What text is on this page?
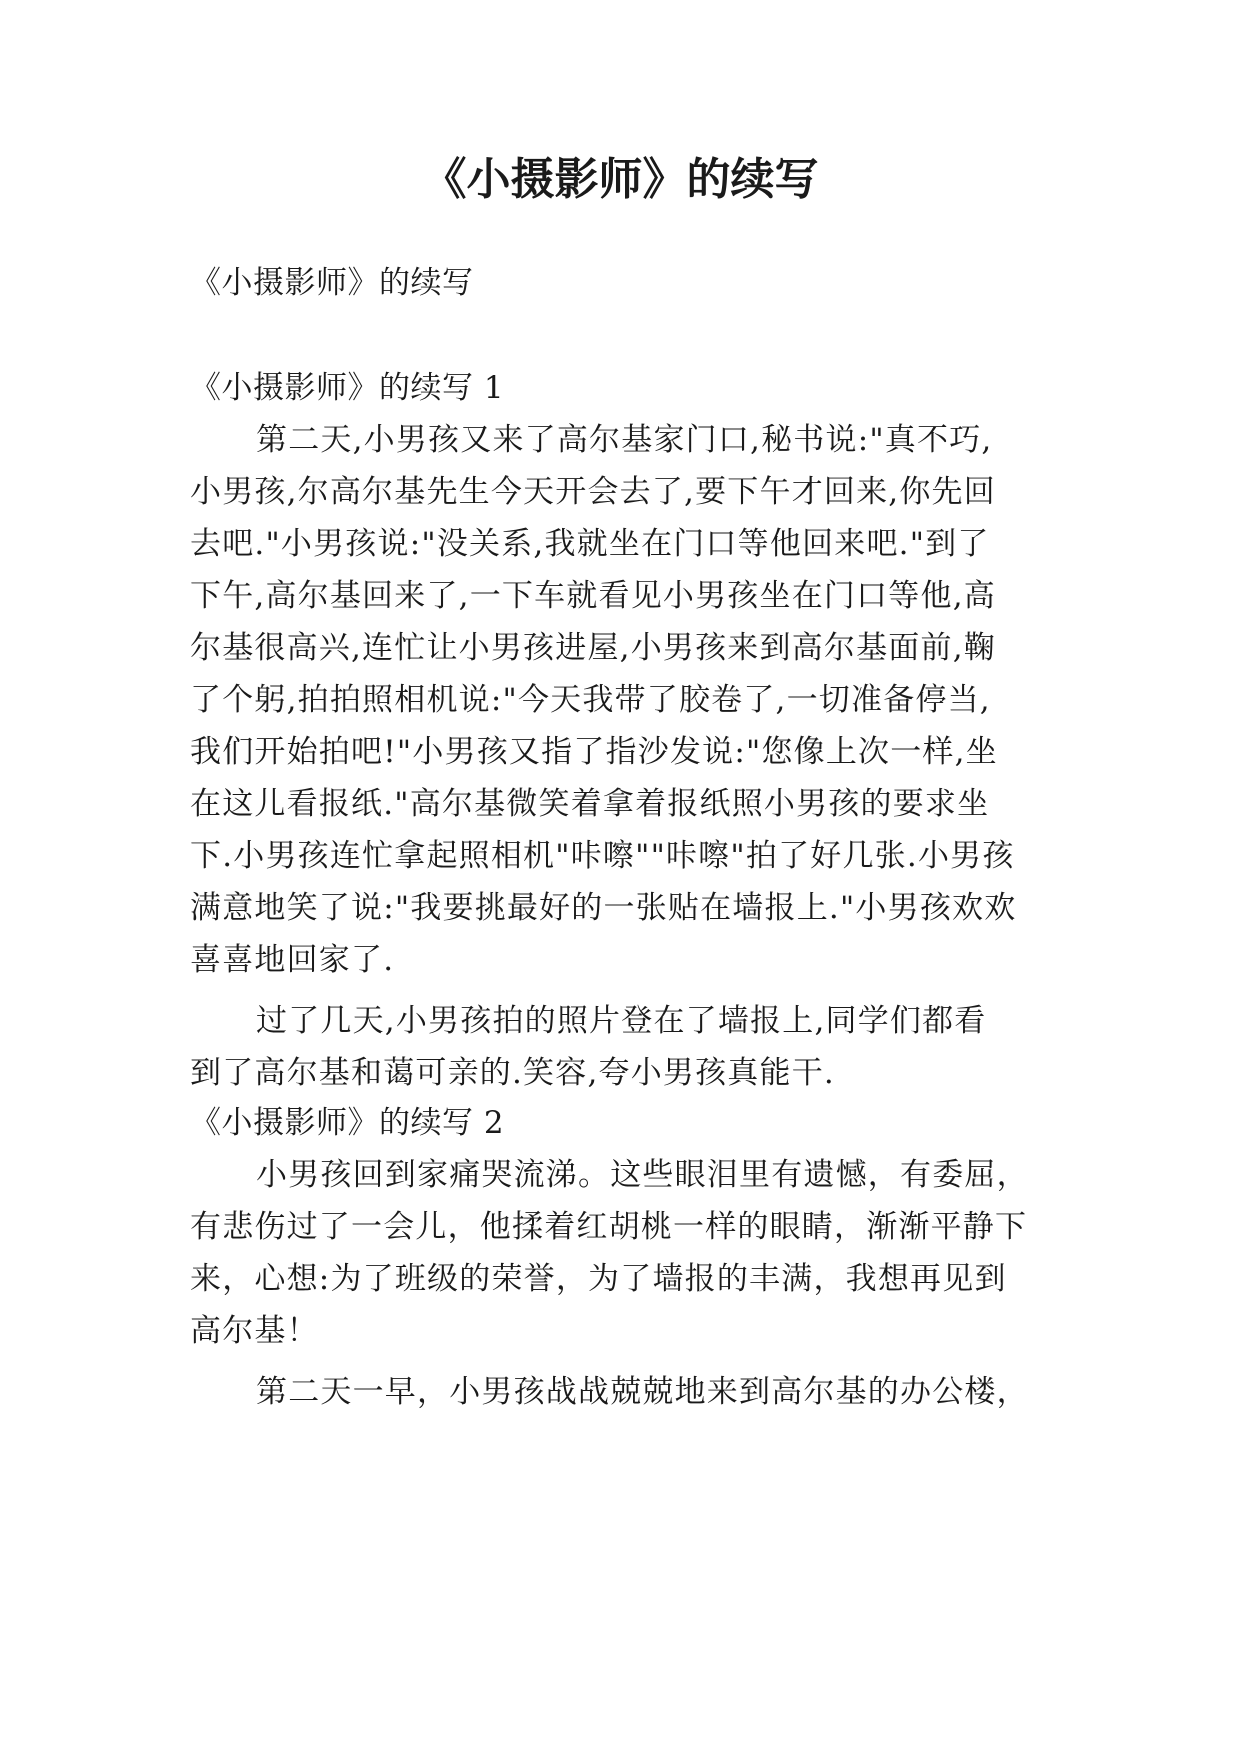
《小摄影师》的续写

《小摄影师》的续写

《小摄影师》的续写 1

第二天,小男孩又来了高尔基家门口,秘书说:"真不巧,

小男孩,尔高尔基先生今天开会去了,要下午才回来,你先回

去吧."小男孩说:"没关系,我就坐在门口等他回来吧."到了

下午,高尔基回来了,一下车就看见小男孩坐在门口等他,高

尔基很高兴,连忙让小男孩进屋,小男孩来到高尔基面前,鞠

了个躬,拍拍照相机说:"今天我带了胶卷了,一切准备停当,

我们开始拍吧!"小男孩又指了指沙发说:"您像上次一样,坐

在这儿看报纸."高尔基微笑着拿着报纸照小男孩的要求坐

下.小男孩连忙拿起照相机"咔嚓""咔嚓"拍了好几张.小男孩

满意地笑了说:"我要挑最好的一张贴在墙报上."小男孩欢欢

喜喜地回家了.

过了几天,小男孩拍的照片登在了墙报上,同学们都看

到了高尔基和蔼可亲的.笑容,夸小男孩真能干.

《小摄影师》的续写 2

小男孩回到家痛哭流涕。这些眼泪里有遗憾，有委屈，

有悲伤过了一会儿，他揉着红胡桃一样的眼睛，渐渐平静下

来，心想:为了班级的荣誉，为了墙报的丰满，我想再见到

高尔基！

第二天一早，小男孩战战兢兢地来到高尔基的办公楼，
